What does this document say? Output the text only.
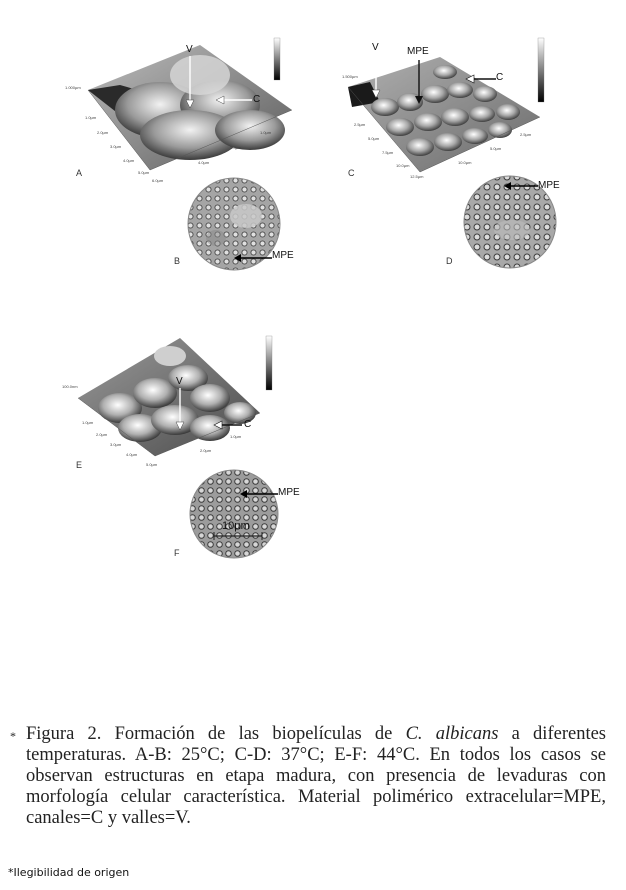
V
C
1.000µm
1.0µm
2.0µm
3.0µm
4.0µm
5.0µm
6.0µm
1.0µm
2.0µm
4.0µm
A
MPE
B
V	MPE
C
1.500µm
2.5µm
5.0µm
7.5µm
10.0µm
12.5µm
2.5µm
5.0µm
10.0µm
C
MPE
D
V
C
100.0nm
1.0µm
2.0µm
3.0µm
4.0µm
5.0µm
1.0µm
2.0µm
E
10µm
MPE
F
* Figura 2. Formación de las biopelículas de C. albicans a diferentes temperaturas. A-B: 25°C; C-D: 37°C; E-F: 44°C. En todos los casos se observan estructuras en etapa madura, con presencia de levaduras con morfología celular característica. Material polimérico extracelular=MPE, canales=C y valles=V.
*Ilegibilidad de origen
